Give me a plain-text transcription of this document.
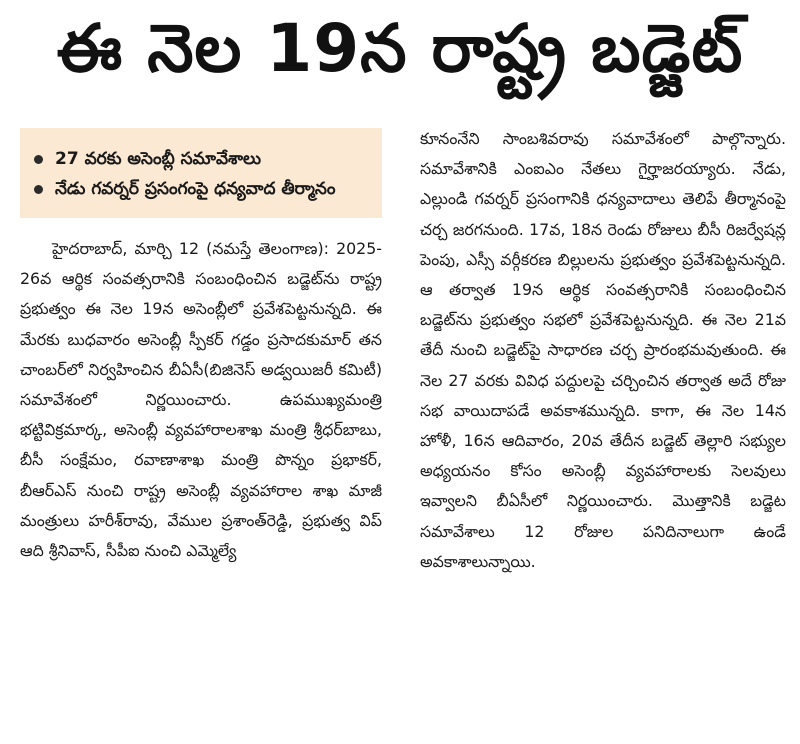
ఈ నెల 19న రాష్ట్ర బడ్జెట్
27 వరకు అసెంబ్లీ సమావేశాలు
నేడు గవర్నర్ ప్రసంగంపై ధన్యవాద తీర్మానం

హైదరాబాద్, మార్చి 12 (నమస్తే తెలంగాణ): 2025-26వ ఆర్థిక సంవత్సరానికి సంబంధించిన బడ్జెట్‌ను రాష్ట్ర ప్రభుత్వం ఈ నెల 19న అసెంబ్లీలో ప్రవేశపెట్టనున్నది. ఈ మేరకు బుధవారం అసెంబ్లీ స్పీకర్ గడ్డం ప్రసాదకుమార్ తన చాంబర్‌లో నిర్వహించిన బీఏసీ(బిజినెస్ అడ్వయిజరీ కమిటీ) సమావేశంలో నిర్ణయించారు. ఉపముఖ్యమంత్రి భట్టివిక్రమార్క, అసెంబ్లీ వ్యవహారాలశాఖ మంత్రి శ్రీధర్‌బాబు, బీసీ సంక్షేమం, రవాణాశాఖ మంత్రి పొన్నం ప్రభాకర్, బీఆర్‌ఎస్ నుంచి రాష్ట్ర అసెంబ్లీ వ్యవహారాల శాఖ మాజీ మంత్రులు హరీశ్‌రావు, వేముల ప్రశాంత్‌రెడ్డి, ప్రభుత్వ విప్ ఆది శ్రీనివాస్, సీపీఐ నుంచి ఎమ్మెల్యే

కూనంనేని సాంబశివరావు సమావేశంలో పాల్గొన్నారు. సమావేశానికి ఎంఐఎం నేతలు గైర్హాజరయ్యారు. నేడు, ఎల్లుండి గవర్నర్ ప్రసంగానికి ధన్యవాదాలు తెలిపే తీర్మానంపై చర్చ జరగనుంది. 17వ, 18న రెండు రోజులు బీసీ రిజర్వేషన్ల పెంపు, ఎస్సీ వర్గీకరణ బిల్లులను ప్రభుత్వం ప్రవేశపెట్టనున్నది. ఆ తర్వాత 19న ఆర్థిక సంవత్సరానికి సంబంధించిన బడ్జెట్‌ను ప్రభుత్వం సభలో ప్రవేశపెట్టనున్నది. ఈ నెల 21వ తేదీ నుంచి బడ్జెట్‌పై సాధారణ చర్చ ప్రారంభమవుతుంది. ఈ నెల 27 వరకు వివిధ పద్దులపై చర్చించిన తర్వాత అదే రోజు సభ వాయిదాపడే అవకాశమున్నది. కాగా, ఈ నెల 14న హోళీ, 16న ఆదివారం, 20వ తేదీన బడ్జెట్ తెల్లారి సభ్యుల అధ్యయనం కోసం అసెంబ్లీ వ్యవహారాలకు సెలవులు ఇవ్వాలని బీఏసీలో నిర్ణయించారు. మొత్తానికి బడ్జెట సమావేశాలు 12 రోజుల పనిదినాలుగా ఉండే అవకాశాలున్నాయి.
